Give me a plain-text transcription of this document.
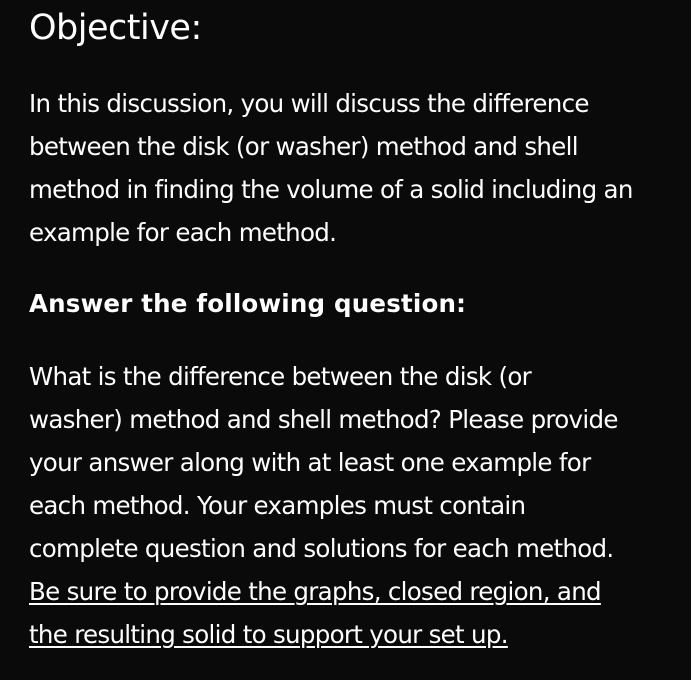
Objective:

In this discussion, you will discuss the difference
between the disk (or washer) method and shell
method in finding the volume of a solid including an
example for each method.

Answer the following question:

What is the difference between the disk (or
washer) method and shell method? Please provide
your answer along with at least one example for
each method. Your examples must contain
complete question and solutions for each method.
Be sure to provide the graphs, closed region, and
the resulting solid to support your set up.
